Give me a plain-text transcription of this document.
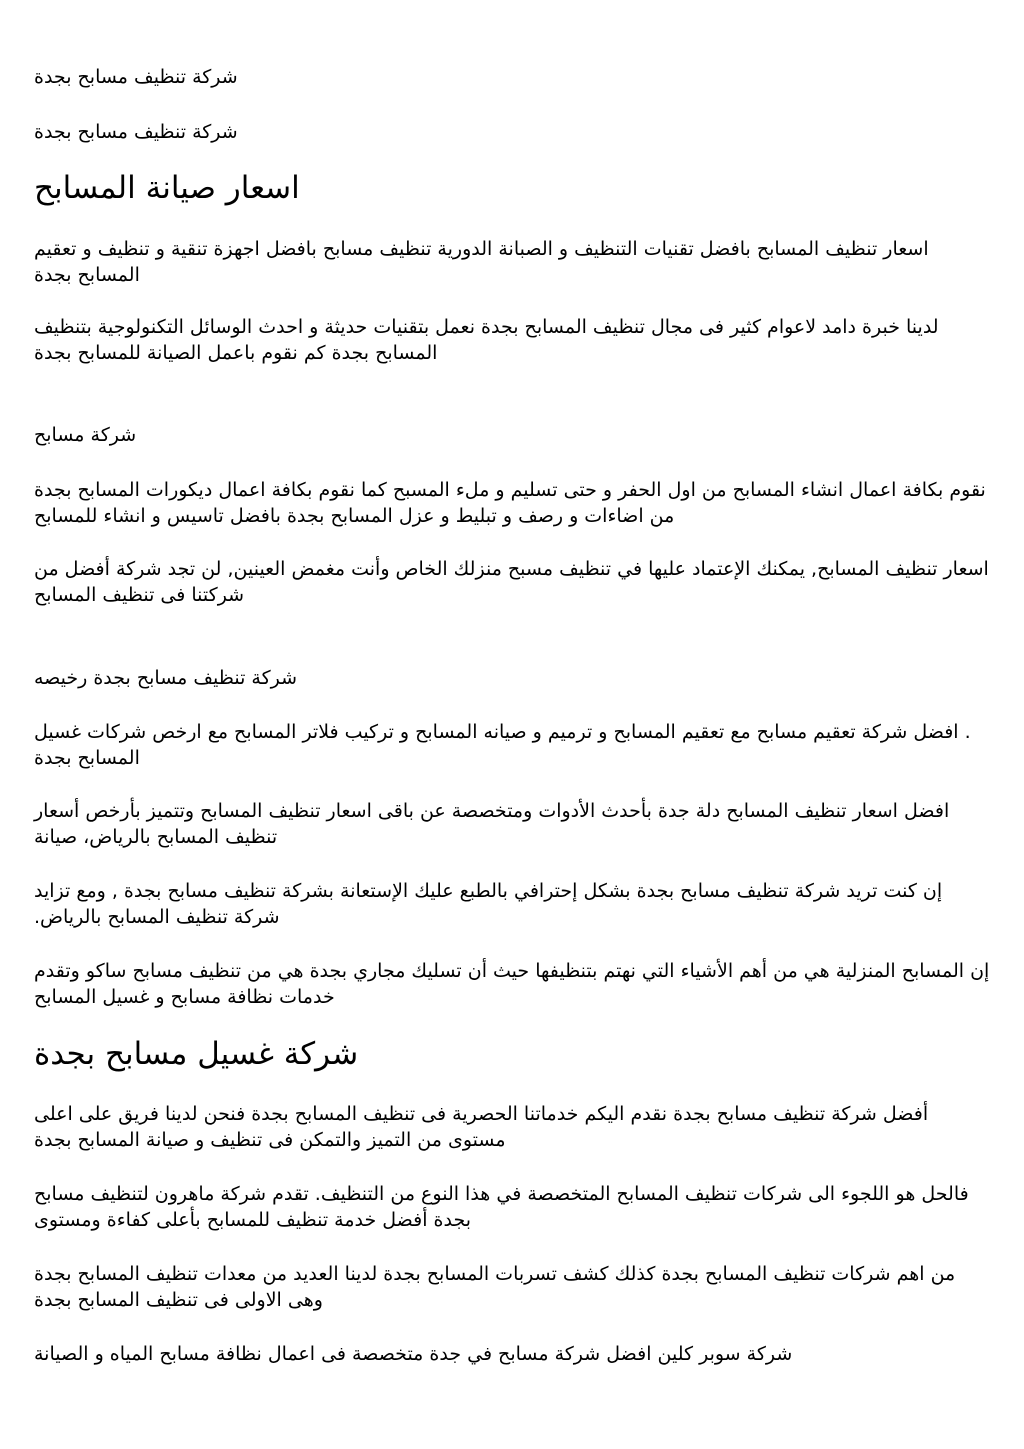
شركة تنظيف مسابح بجدة

شركة تنظيف مسابح بجدة

اسعار صيانة المسابح

اسعار تنظيف المسابح بافضل تقنيات التنظيف و الصبانة الدورية تنظيف مسابح بافضل اجهزة تنقية و تنظيف و تعقيم المسابح بجدة

لدينا خبرة دامد لاعوام كثير فى مجال تنظيف المسابح بجدة نعمل بتقنيات حديثة و احدث الوسائل التكنولوجية بتنظيف المسابح بجدة كم نقوم باعمل الصيانة للمسابح بجدة

شركة مسابح

نقوم بكافة اعمال انشاء المسابح من اول الحفر و حتى تسليم و ملء المسبح كما نقوم بكافة اعمال ديكورات المسابح بجدة من اضاءات و رصف و تبليط و عزل المسابح بجدة بافضل تاسيس و انشاء للمسابح

اسعار تنظيف المسابح, يمكنك الإعتماد عليها في تنظيف مسبح منزلك الخاص وأنت مغمض العينين, لن تجد شركة أفضل من شركتنا فى تنظيف المسابح

شركة تنظيف مسابح بجدة رخيصه

. افضل شركة تعقيم مسابح مع تعقيم المسابح و ترميم و صيانه المسابح و تركيب فلاتر المسابح مع ارخص شركات غسيل المسابح بجدة

افضل اسعار تنظيف المسابح دلة جدة بأحدث الأدوات ومتخصصة عن باقى اسعار تنظيف المسابح وتتميز بأرخص أسعار تنظيف المسابح بالرياض، صيانة

إن كنت تريد شركة تنظيف مسابح بجدة بشكل إحترافي بالطبع عليك الإستعانة بشركة تنظيف مسابح بجدة , ومع تزايد شركة تنظيف المسابح بالرياض.

إن المسابح المنزلية هي من أهم الأشياء التي نهتم بتنظيفها حيث أن تسليك مجاري بجدة هي من تنظيف مسابح ساكو وتقدم خدمات نظافة مسابح و غسيل المسابح

شركة غسيل مسابح بجدة

أفضل شركة تنظيف مسابح بجدة نقدم اليكم خدماتنا الحصرية فى تنظيف المسابح بجدة فنحن لدينا فريق على اعلى مستوى من التميز والتمكن فى تنظيف و صيانة المسابح بجدة

فالحل هو اللجوء الى شركات تنظيف المسابح المتخصصة في هذا النوع من التنظيف. تقدم شركة ماهرون لتنظيف مسابح بجدة أفضل خدمة تنظيف للمسابح بأعلى كفاءة ومستوى

من اهم شركات تنظيف المسابح بجدة كذلك كشف تسربات المسابح بجدة لدينا العديد من معدات تنظيف المسابح بجدة وهى الاولى فى تنظيف المسابح بجدة

شركة سوبر كلين افضل شركة مسابح في جدة متخصصة فى اعمال نظافة مسابح المياه و الصيانة
